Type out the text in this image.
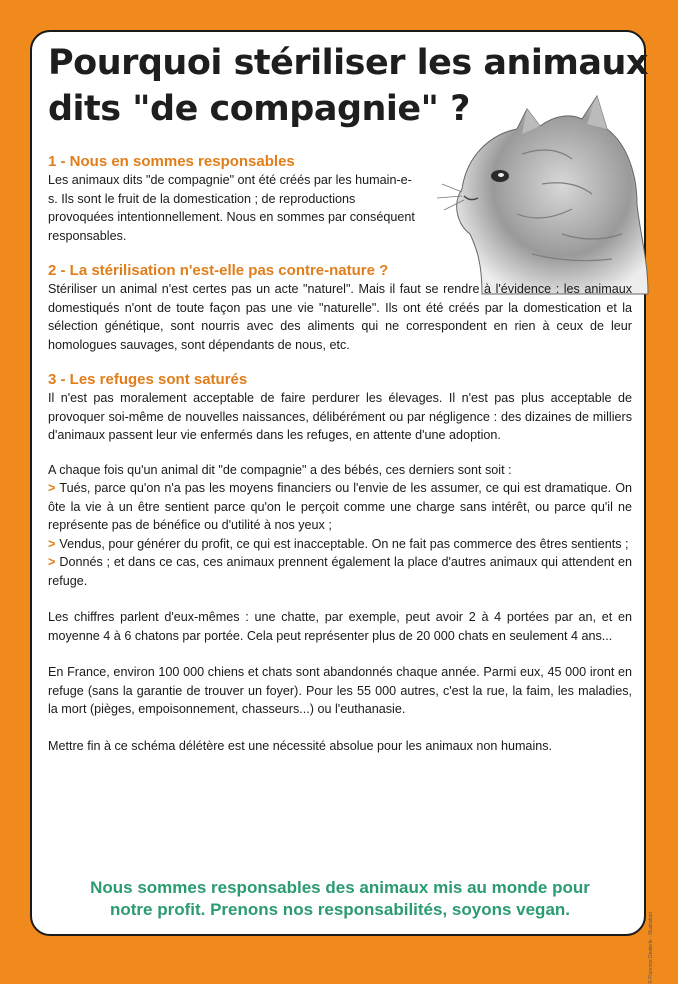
Pourquoi stériliser les animaux
dits "de compagnie" ?
1 - Nous en sommes responsables

Les animaux dits "de compagnie" ont été créés par les humain-e-s. Ils sont le fruit de la domestication ; de reproductions provoquées intentionnellement. Nous en sommes par conséquent responsables.

2 - La stérilisation n'est-elle pas contre-nature ?

Stériliser un animal n'est certes pas un acte "naturel". Mais il faut se rendre à l'évidence : les animaux domestiqués n'ont de toute façon pas une vie "naturelle". Ils ont été créés par la domestication et la sélection génétique, sont nourris avec des aliments qui ne correspondent en rien à ceux de leur homologues sauvages, sont dépendants de nous, etc.

3 - Les refuges sont saturés

Il n'est pas moralement acceptable de faire perdurer les élevages. Il n'est pas plus acceptable de provoquer soi-même de nouvelles naissances, délibérément ou par négligence : des dizaines de milliers d'animaux passent leur vie enfermés dans les refuges, en attente d'une adoption.

A chaque fois qu'un animal dit "de compagnie" a des bébés, ces derniers sont soit :

> Tués, parce qu'on n'a pas les moyens financiers ou l'envie de les assumer, ce qui est dramatique. On ôte la vie à un être sentient parce qu'on le perçoit comme une charge sans intérêt, ou parce qu'il ne représente pas de bénéfice ou d'utilité à nos yeux ;

> Vendus, pour générer du profit, ce qui est inacceptable. On ne fait pas commerce des êtres sentients ;

> Donnés ; et dans ce cas, ces animaux prennent également la place d'autres animaux qui attendent en refuge.

Les chiffres parlent d'eux-mêmes : une chatte, par exemple, peut avoir 2 à 4 portées par an, et en moyenne 4 à 6 chatons par portée. Cela peut représenter plus de 20 000 chats en seulement 4 ans...

En France, environ 100 000 chiens et chats sont abandonnés chaque année. Parmi eux, 45 000 iront en refuge (sans la garantie de trouver un foyer). Pour les 55 000 autres, c'est la rue, la faim, les maladies, la mort (pièges, empoisonnement, chasseurs...) ou l'euthanasie.

Mettre fin à ce schéma délétère est une nécessité absolue pour les animaux non humains.

Nous sommes responsables des animaux mis au monde pour
notre profit. Prenons nos responsabilités, soyons vegan.
© Florence Desterle - Illustration
